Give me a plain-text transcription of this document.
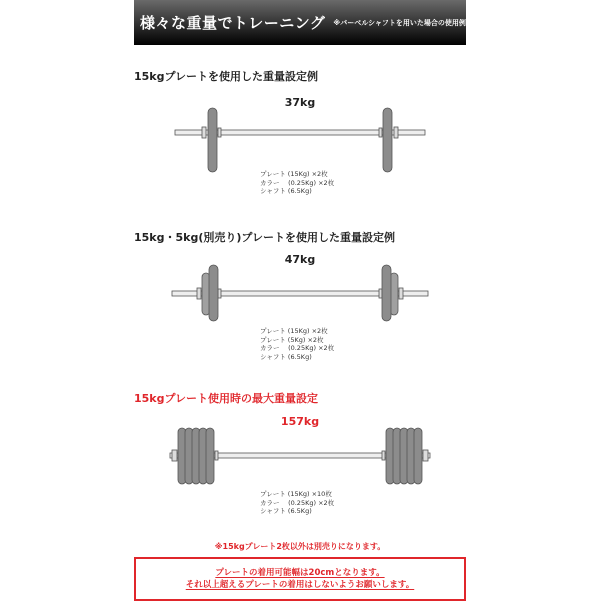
様々な重量でトレーニング ※バーベルシャフトを用いた場合の使用例
15kgプレートを使用した重量設定例
37kg
プレート (15Kg) ×2枚
カラー　 (0.25Kg) ×2枚
シャフト (6.5Kg)
15kg・5kg(別売り)プレートを使用した重量設定例
47kg
プレート (15Kg) ×2枚
プレート (5Kg) ×2枚
カラー　 (0.25Kg) ×2枚
シャフト (6.5Kg)
15kgプレート使用時の最大重量設定
157kg
プレート (15Kg) ×10枚
カラー　 (0.25Kg) ×2枚
シャフト (6.5Kg)
※15kgプレート2枚以外は別売りになります。
プレートの着用可能幅は20cmとなります。
それ以上超えるプレートの着用はしないようお願いします。
